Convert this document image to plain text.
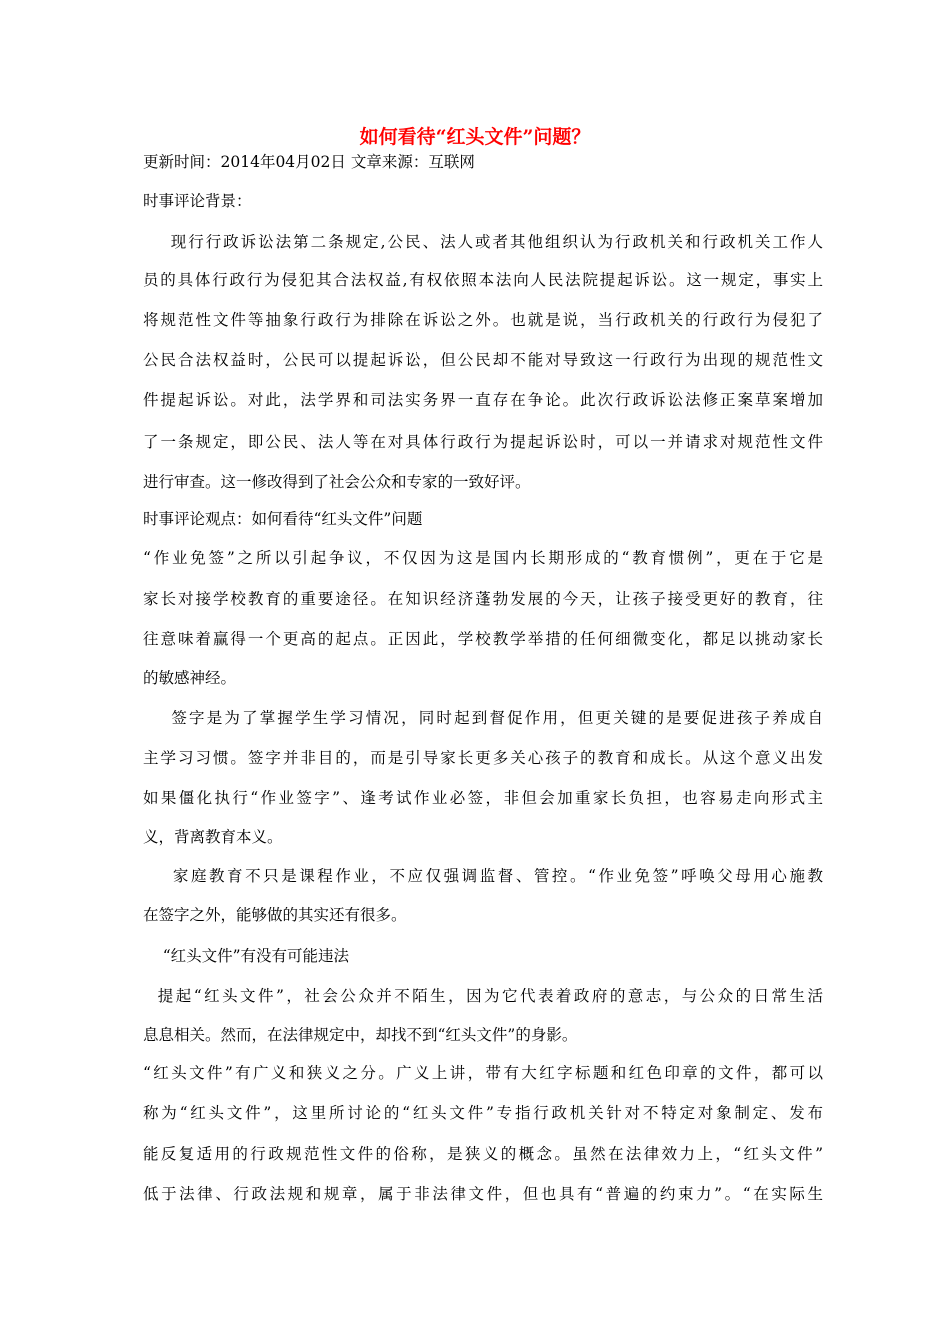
如何看待“红头文件”问题？
更新时间：2014年04月02日 文章来源：互联网
时事评论背景：
现行行政诉讼法第二条规定,公民、法人或者其他组织认为行政机关和行政机关工作人
员的具体行政行为侵犯其合法权益,有权依照本法向人民法院提起诉讼。这一规定，事实上
将规范性文件等抽象行政行为排除在诉讼之外。也就是说，当行政机关的行政行为侵犯了
公民合法权益时，公民可以提起诉讼，但公民却不能对导致这一行政行为出现的规范性文
件提起诉讼。对此，法学界和司法实务界一直存在争论。此次行政诉讼法修正案草案增加
了一条规定，即公民、法人等在对具体行政行为提起诉讼时，可以一并请求对规范性文件
进行审查。这一修改得到了社会公众和专家的一致好评。
时事评论观点：如何看待“红头文件”问题
“作业免签”之所以引起争议，不仅因为这是国内长期形成的“教育惯例”，更在于它是
家长对接学校教育的重要途径。在知识经济蓬勃发展的今天，让孩子接受更好的教育，往
往意味着赢得一个更高的起点。正因此，学校教学举措的任何细微变化，都足以挑动家长
的敏感神经。
签字是为了掌握学生学习情况，同时起到督促作用，但更关键的是要促进孩子养成自
主学习习惯。签字并非目的，而是引导家长更多关心孩子的教育和成长。从这个意义出发
如果僵化执行“作业签字”、逢考试作业必签，非但会加重家长负担，也容易走向形式主
义，背离教育本义。
家庭教育不只是课程作业，不应仅强调监督、管控。“作业免签”呼唤父母用心施教
在签字之外，能够做的其实还有很多。
“红头文件”有没有可能违法
提起“红头文件”，社会公众并不陌生，因为它代表着政府的意志，与公众的日常生活
息息相关。然而，在法律规定中，却找不到“红头文件”的身影。
“红头文件”有广义和狭义之分。广义上讲，带有大红字标题和红色印章的文件，都可以
称为“红头文件”，这里所讨论的“红头文件”专指行政机关针对不特定对象制定、发布
能反复适用的行政规范性文件的俗称，是狭义的概念。虽然在法律效力上，“红头文件”
低于法律、行政法规和规章，属于非法律文件，但也具有“普遍的约束力”。“在实际生
